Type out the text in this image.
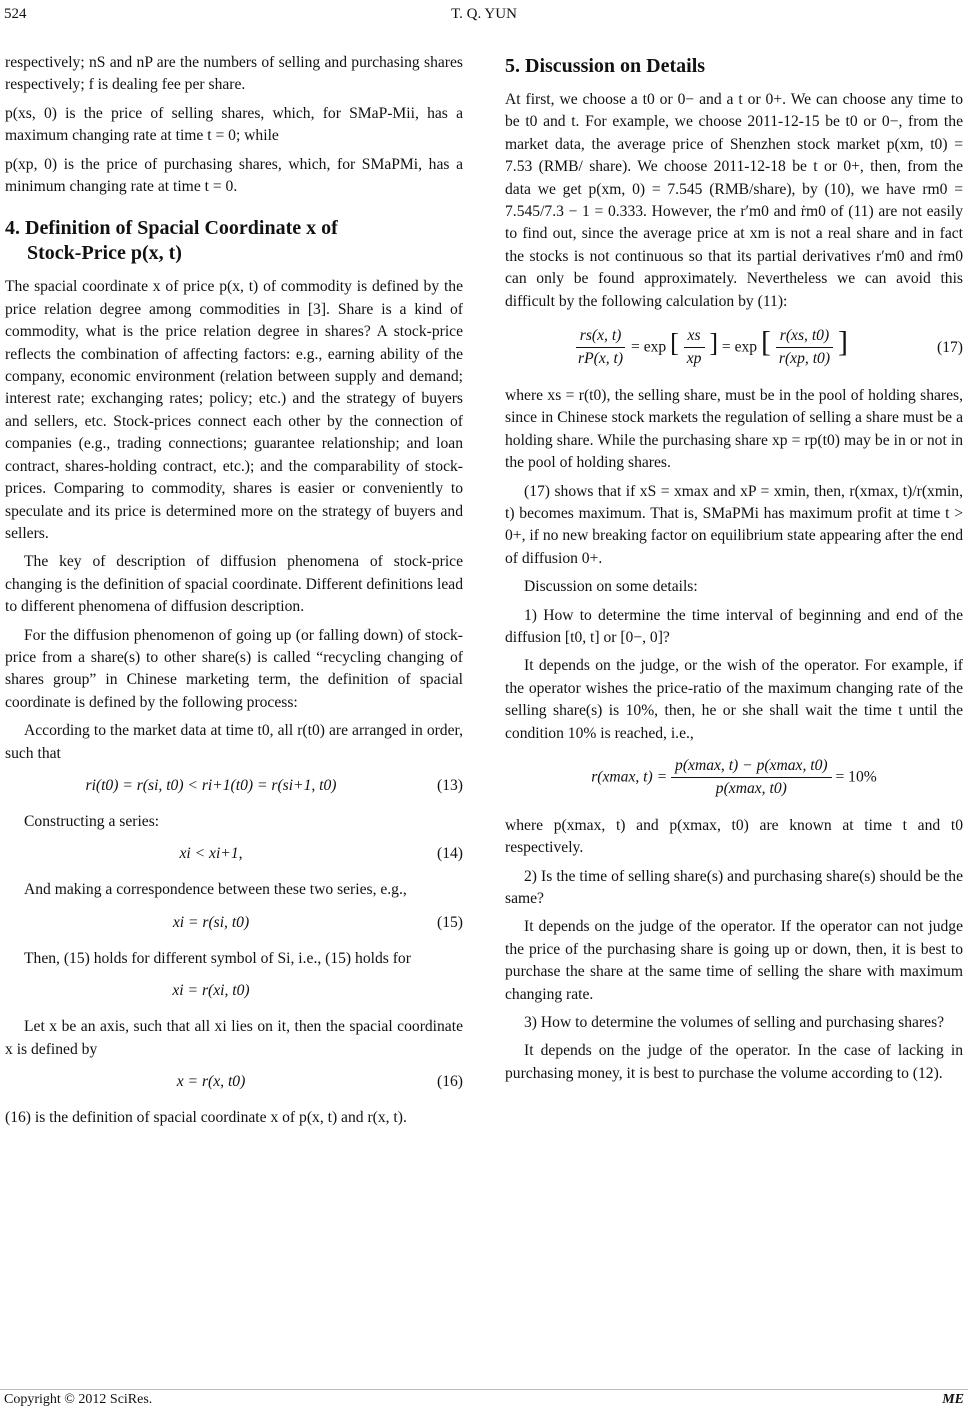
524	T. Q. YUN

respectively; nS and nP are the numbers of selling and purchasing shares respectively; f is dealing fee per share.

p(xs, 0) is the price of selling shares, which, for SMaP-Mii, has a maximum changing rate at time t = 0; while

p(xp, 0) is the price of purchasing shares, which, for SMaPMi, has a minimum changing rate at time t = 0.

4. Definition of Spacial Coordinate x of
Stock-Price p(x, t)

The spacial coordinate x of price p(x, t) of commodity is defined by the price relation degree among commodities in [3]. Share is a kind of commodity, what is the price relation degree in shares? A stock-price reflects the combination of affecting factors: e.g., earning ability of the company, economic environment (relation between supply and demand; interest rate; exchanging rates; policy; etc.) and the strategy of buyers and sellers, etc. Stock-prices connect each other by the connection of companies (e.g., trading connections; guarantee relationship; and loan contract, shares-holding contract, etc.); and the comparability of stock-prices. Comparing to commodity, shares is easier or conveniently to speculate and its price is determined more on the strategy of buyers and sellers.

The key of description of diffusion phenomena of stock-price changing is the definition of spacial coordinate. Different definitions lead to different phenomena of diffusion description.

For the diffusion phenomenon of going up (or falling down) of stock-price from a share(s) to other share(s) is called “recycling changing of shares group” in Chinese marketing term, the definition of spacial coordinate is defined by the following process:

According to the market data at time t0, all r(t0) are arranged in order, such that

ri(t0) = r(si, t0) < ri+1(t0) = r(si+1, t0)	(13)

Constructing a series:

xi < xi+1,	(14)

And making a correspondence between these two series, e.g.,

xi = r(si, t0)	(15)

Then, (15) holds for different symbol of Si, i.e., (15) holds for

xi = r(xi, t0)

Let x be an axis, such that all xi lies on it, then the spacial coordinate x is defined by

x = r(x, t0)	(16)

(16) is the definition of spacial coordinate x of p(x, t) and r(x, t).

5. Discussion on Details

At first, we choose a t0 or 0− and a t or 0+. We can choose any time to be t0 and t. For example, we choose 2011-12-15 be t0 or 0−, from the market data, the average price of Shenzhen stock market p(xm, t0) = 7.53 (RMB/ share). We choose 2011-12-18 be t or 0+, then, from the data we get p(xm, 0) = 7.545 (RMB/share), by (10), we have rm0 = 7.545/7.3 − 1 = 0.333. However, the r′m0 and ṙm0 of (11) are not easily to find out, since the average price at xm is not a real share and in fact the stocks is not continuous so that its partial derivatives r′m0 and ṙm0 can only be found approximately. Nevertheless we can avoid this difficult by the following calculation by (11):

$\frac{rs(x, t)}{rP(x, t)} = \exp$ [ $\frac{xs}{xp}$ ] = exp [ $\frac{r(xs, t0)}{r(xp, t0)}$ ]	(17)

where xs = r(t0), the selling share, must be in the pool of holding shares, since in Chinese stock markets the regulation of selling a share must be a holding share. While the purchasing share xp = rp(t0) may be in or not in the pool of holding shares.

(17) shows that if xS = xmax and xP = xmin, then, r(xmax, t)/r(xmin, t) becomes maximum. That is, SMaPMi has maximum profit at time t > 0+, if no new breaking factor on equilibrium state appearing after the end of diffusion 0+.

Discussion on some details:

1) How to determine the time interval of beginning and end of the diffusion [t0, t] or [0−, 0]?

It depends on the judge, or the wish of the operator. For example, if the operator wishes the price-ratio of the maximum changing rate of the selling share(s) is 10%, then, he or she shall wait the time t until the condition 10% is reached, i.e.,

r(xmax, t) =
p(xmax, t) − p(xmax, t0)
p(xmax, t0)
= 10%

where p(xmax, t) and p(xmax, t0) are known at time t and t0 respectively.

2) Is the time of selling share(s) and purchasing share(s) should be the same?

It depends on the judge of the operator. If the operator can not judge the price of the purchasing share is going up or down, then, it is best to purchase the share at the same time of selling the share with maximum changing rate.

3) How to determine the volumes of selling and purchasing shares?

It depends on the judge of the operator. In the case of lacking in purchasing money, it is best to purchase the volume according to (12).

Copyright © 2012 SciRes.	ME
